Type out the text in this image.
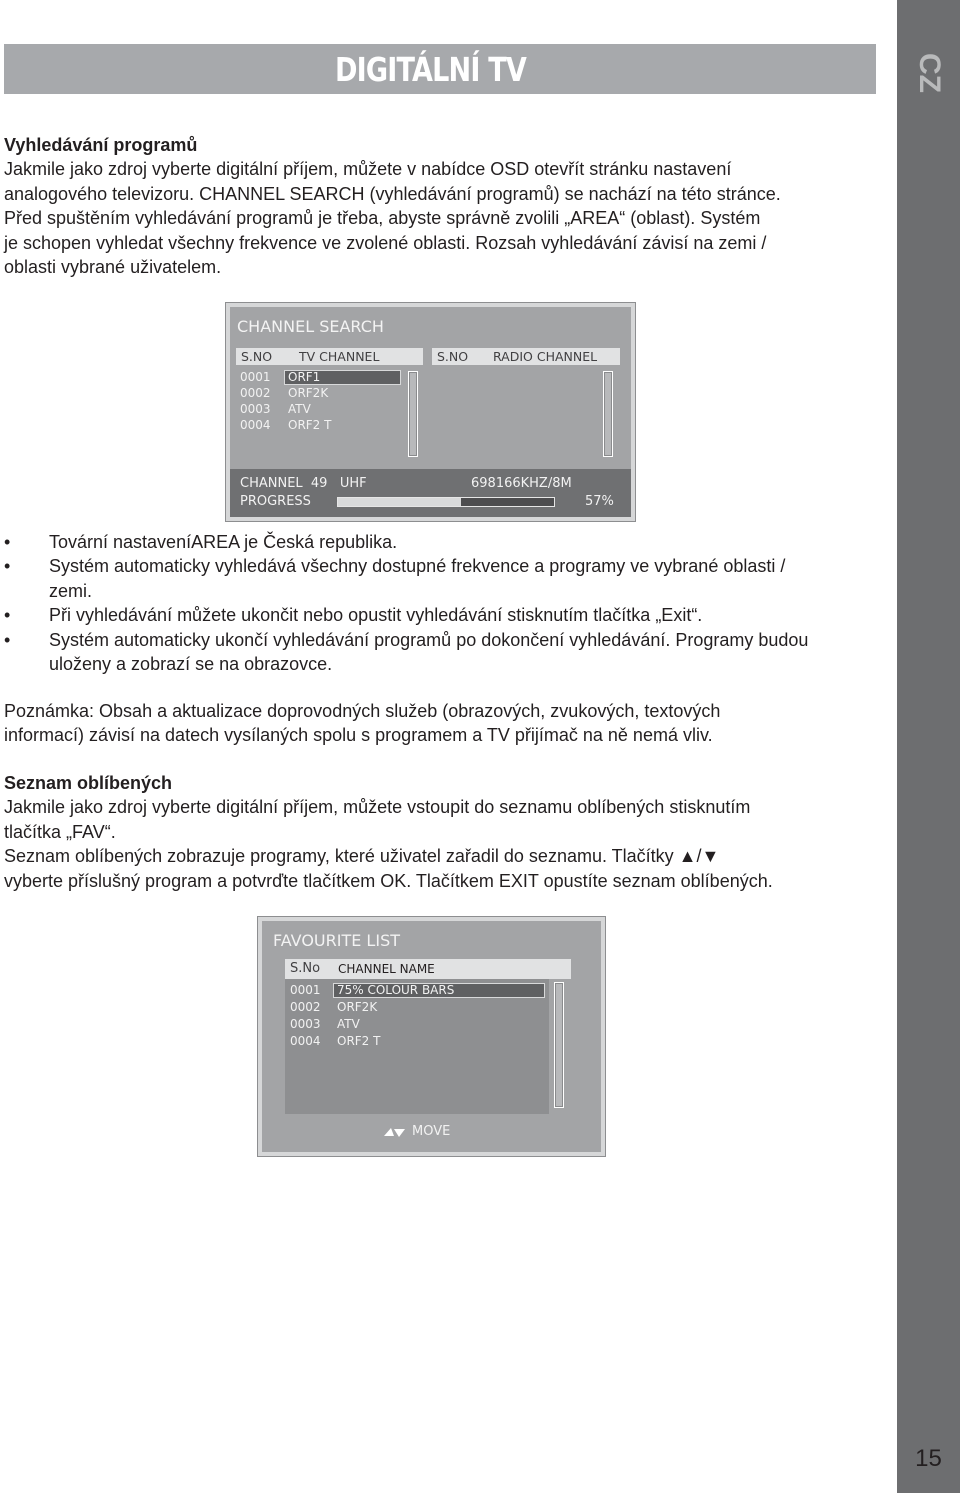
CZ
15
DIGITÁLNÍ TV

Vyhledávání programů

Jakmile jako zdroj vyberte digitální příjem, můžete v nabídce OSD otevřít stránku nastavení

analogového televizoru. CHANNEL SEARCH (vyhledávání programů) se nachází na této stránce.

Před spuštěním vyhledávání programů je třeba, abyste správně zvolili „AREA“ (oblast). Systém

je schopen vyhledat všechny frekvence ve zvolené oblasti. Rozsah vyhledávání závisí na zemi /

oblasti vybrané uživatelem.

CHANNEL SEARCH
S.NO TV CHANNEL	S.NO RADIO CHANNEL
0001 ORF1
0002 ORF2K
0003 ATV
0004 ORF2 T
CHANNEL  49   UHF	698166KHZ/8M
PROGRESS	57%
• Tovární nastaveníAREA je Česká republika.
• Systém automaticky vyhledává všechny dostupné frekvence a programy ve vybrané oblasti / zemi.
• Při vyhledávání můžete ukončit nebo opustit vyhledávání stisknutím tlačítka „Exit“.
• Systém automaticky ukončí vyhledávání programů po dokončení vyhledávání. Programy budou uloženy a zobrazí se na obrazovce.

Poznámka: Obsah a aktualizace doprovodných služeb (obrazových, zvukových, textových

informací) závisí na datech vysílaných spolu s programem a TV přijímač na ně nemá vliv.

Seznam oblíbených

Jakmile jako zdroj vyberte digitální příjem, můžete vstoupit do seznamu oblíbených stisknutím

tlačítka „FAV“.

Seznam oblíbených zobrazuje programy, které uživatel zařadil do seznamu. Tlačítky ▲/▼

vyberte příslušný program a potvrďte tlačítkem OK. Tlačítkem EXIT opustíte seznam oblíbených.

FAVOURITE LIST
S.No CHANNEL NAME
0001 75% COLOUR BARS
0002 ORF2K
0003 ATV
0004 ORF2 T
MOVE
